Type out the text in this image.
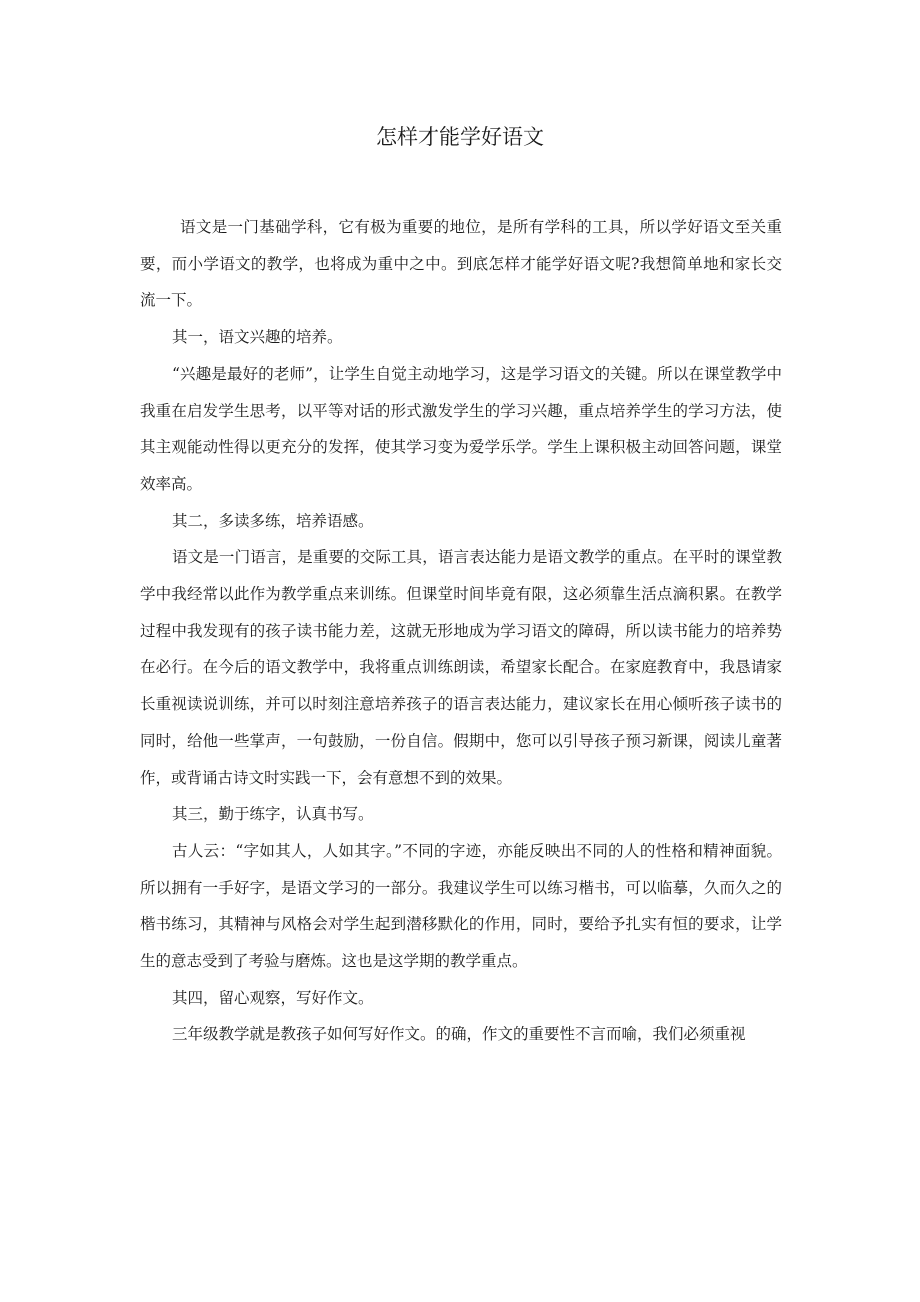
怎样才能学好语文

语文是一门基础学科，它有极为重要的地位，是所有学科的工具，所以学好语文至关重要，而小学语文的教学，也将成为重中之中。到底怎样才能学好语文呢?我想简单地和家长交流一下。

其一，语文兴趣的培养。

“兴趣是最好的老师”，让学生自觉主动地学习，这是学习语文的关键。所以在课堂教学中我重在启发学生思考，以平等对话的形式激发学生的学习兴趣，重点培养学生的学习方法，使其主观能动性得以更充分的发挥，使其学习变为爱学乐学。学生上课积极主动回答问题，课堂效率高。

其二，多读多练，培养语感。

语文是一门语言，是重要的交际工具，语言表达能力是语文教学的重点。在平时的课堂教学中我经常以此作为教学重点来训练。但课堂时间毕竟有限，这必须靠生活点滴积累。在教学过程中我发现有的孩子读书能力差，这就无形地成为学习语文的障碍，所以读书能力的培养势在必行。在今后的语文教学中，我将重点训练朗读，希望家长配合。在家庭教育中，我恳请家长重视读说训练，并可以时刻注意培养孩子的语言表达能力，建议家长在用心倾听孩子读书的同时，给他一些掌声，一句鼓励，一份自信。假期中，您可以引导孩子预习新课，阅读儿童著作，或背诵古诗文时实践一下，会有意想不到的效果。

其三，勤于练字，认真书写。

古人云：“字如其人，人如其字。”不同的字迹，亦能反映出不同的人的性格和精神面貌。所以拥有一手好字，是语文学习的一部分。我建议学生可以练习楷书，可以临摹，久而久之的楷书练习，其精神与风格会对学生起到潜移默化的作用，同时，要给予扎实有恒的要求，让学生的意志受到了考验与磨炼。这也是这学期的教学重点。

其四，留心观察，写好作文。

三年级教学就是教孩子如何写好作文。的确，作文的重要性不言而喻，我们必须重视
